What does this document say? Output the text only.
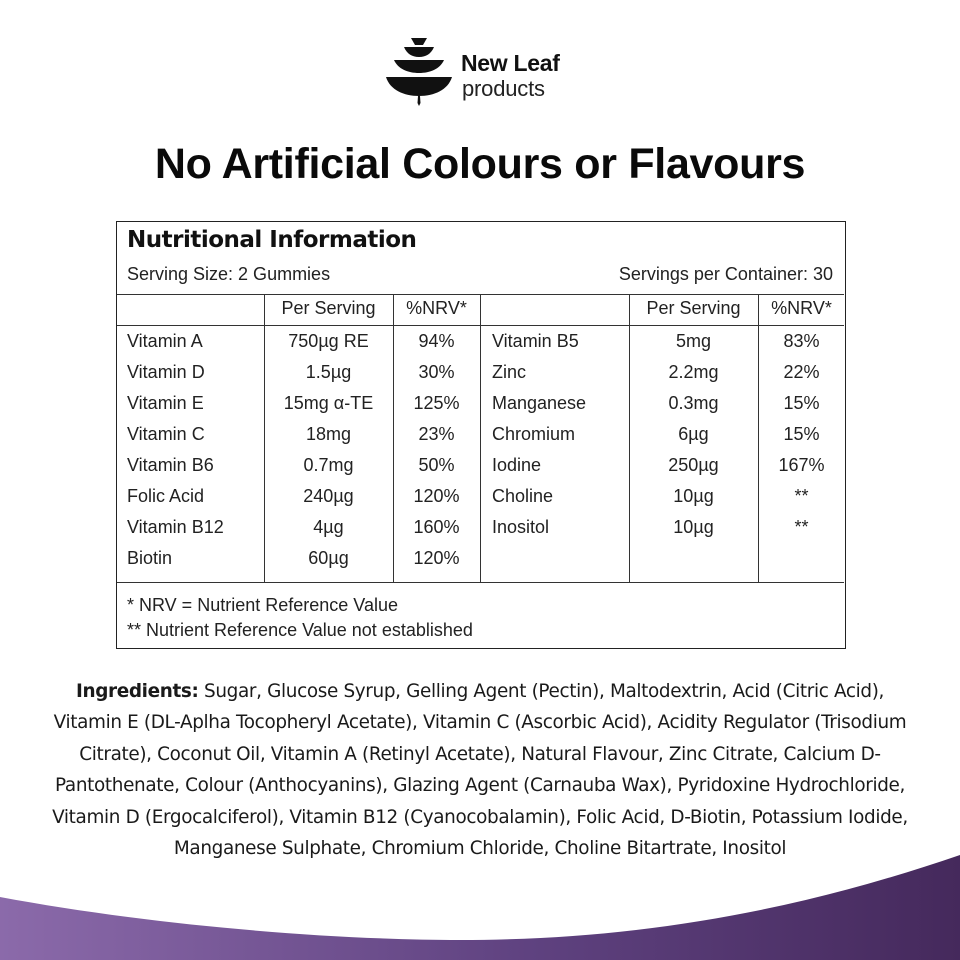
New Leaf
products
No Artificial Colours or Flavours
Nutritional Information
Serving Size: 2 Gummies	Servings per Container: 30
Per Serving	%NRV*	Per Serving	%NRV*
Vitamin A	750µg RE	94%
Vitamin D	1.5µg	30%
Vitamin E	15mg α-TE	125%
Vitamin C	18mg	23%
Vitamin B6	0.7mg	50%
Folic Acid	240µg	120%
Vitamin B12	4µg	160%
Biotin	60µg	120%
Vitamin B5	5mg	83%
Zinc	2.2mg	22%
Manganese	0.3mg	15%
Chromium	6µg	15%
Iodine	250µg	167%
Choline	10µg	**
Inositol	10µg	**
* NRV = Nutrient Reference Value
** Nutrient Reference Value not established
Ingredients: Sugar, Glucose Syrup, Gelling Agent (Pectin), Maltodextrin, Acid (Citric Acid), Vitamin E (DL-Aplha Tocopheryl Acetate), Vitamin C (Ascorbic Acid), Acidity Regulator (Trisodium Citrate), Coconut Oil, Vitamin A (Retinyl Acetate), Natural Flavour, Zinc Citrate, Calcium D-Pantothenate, Colour (Anthocyanins), Glazing Agent (Carnauba Wax), Pyridoxine Hydrochloride, Vitamin D (Ergocalciferol), Vitamin B12 (Cyanocobalamin), Folic Acid, D-Biotin, Potassium Iodide, Manganese Sulphate, Chromium Chloride, Choline Bitartrate, Inositol
